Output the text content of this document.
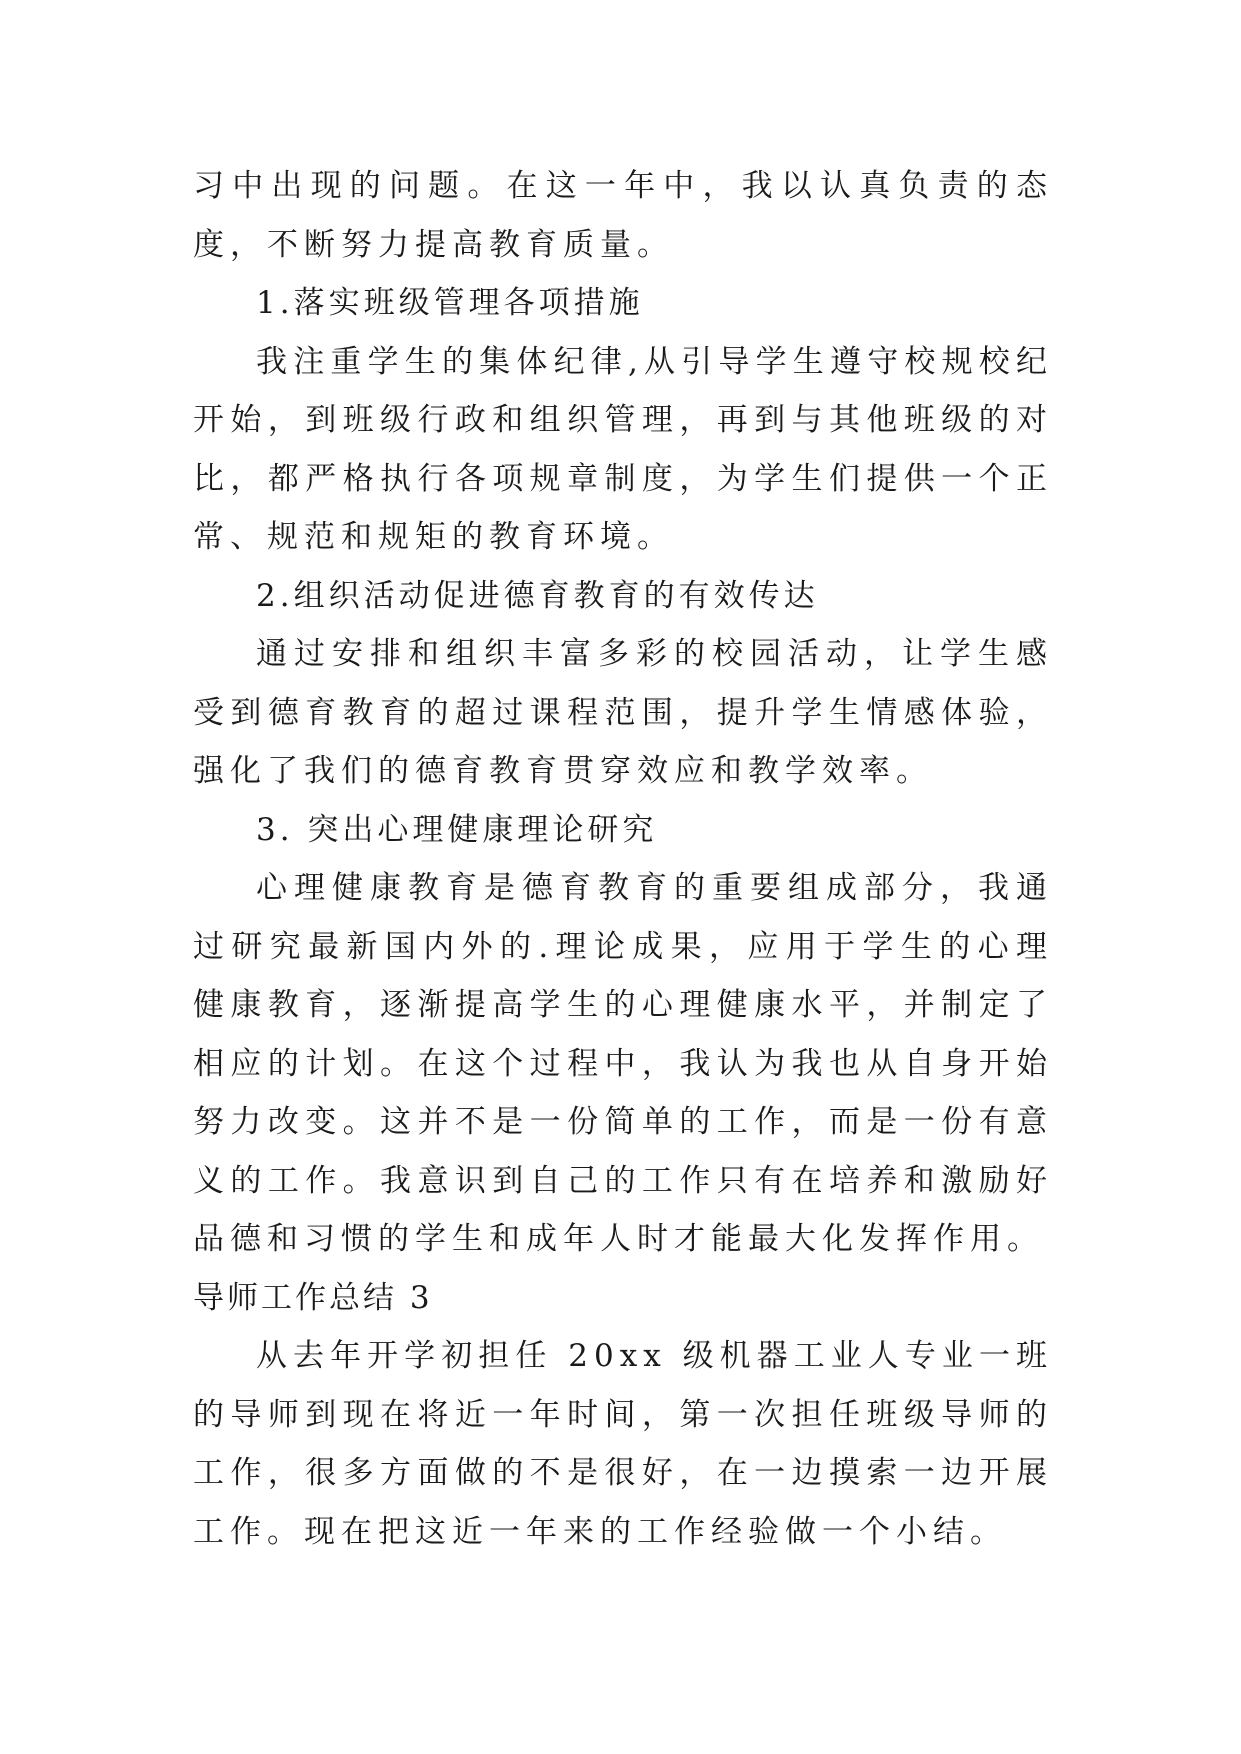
习中出现的问题。在这一年中，我以认真负责的态度，不断努力提高教育质量。

1.落实班级管理各项措施

我注重学生的集体纪律,从引导学生遵守校规校纪开始，到班级行政和组织管理，再到与其他班级的对比，都严格执行各项规章制度，为学生们提供一个正常、规范和规矩的教育环境。

2.组织活动促进德育教育的有效传达

通过安排和组织丰富多彩的校园活动，让学生感受到德育教育的超过课程范围，提升学生情感体验，强化了我们的德育教育贯穿效应和教学效率。

3. 突出心理健康理论研究

心理健康教育是德育教育的重要组成部分，我通过研究最新国内外的.理论成果，应用于学生的心理健康教育，逐渐提高学生的心理健康水平，并制定了相应的计划。在这个过程中，我认为我也从自身开始努力改变。这并不是一份简单的工作，而是一份有意义的工作。我意识到自己的工作只有在培养和激励好品德和习惯的学生和成年人时才能最大化发挥作用。

导师工作总结 3

从去年开学初担任 20xx 级机器工业人专业一班的导师到现在将近一年时间，第一次担任班级导师的工作，很多方面做的不是很好，在一边摸索一边开展工作。现在把这近一年来的工作经验做一个小结。
